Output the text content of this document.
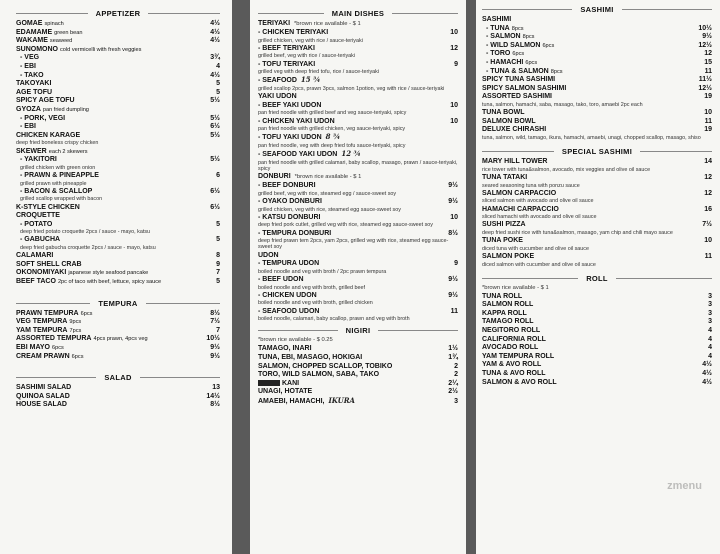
APPETIZER
GOMAE spinach	4½
EDAMAME green bean	4½
WAKAME seaweed	4½
SUNOMONO cold vermicelli with fresh veggies
- VEG	3¾
- EBI	4
- TAKO	4½
TAKOYAKI	5
AGE TOFU	5
SPICY AGE TOFU	5½
GYOZA pan fried dumpling
- PORK, VEGI	5½
- EBI	6½
CHICKEN KARAGE	5½
deep fried boneless crispy chicken
SKEWER each 2 skewers
- YAKITORI	5½
grilled chicken with green onion
- PRAWN & PINEAPPLE	6
grilled prawn with pineapple
- BACON & SCALLOP	6½
grilled scallop wrapped with bacon
K-STYLE CHICKEN	6½
CROQUETTE
- POTATO	5
deep fried potato croquette 2pcs / sauce - mayo, katsu
- GABUCHA	5
deep fried gabucha croquette 2pcs / sauce - mayo, katsu
CALAMARI	8
SOFT SHELL CRAB	9
OKONOMIYAKI japanese style seafood pancake	7
BEEF TACO 2pc of taco with beef, lettuce, spicy sauce	5
TEMPURA
PRAWN TEMPURA 6pcs	8½
VEG TEMPURA 9pcs	7½
YAM TEMPURA 7pcs	7
ASSORTED TEMPURA 4pcs prawn, 4pcs veg	10½
EBI MAYO 6pcs	9½
CREAM PRAWN 6pcs	9½
SALAD
SASHIMI SALAD	13
QUINOA SALAD	14½
HOUSE SALAD	8½
MAIN DISHES
TERIYAKI *brown rice available - $ 1
- CHICKEN TERIYAKI	10
grilled chicken, veg with rice / sauce-teriyaki
- BEEF TERIYAKI	12
grilled beef, veg with rice / sauce-teriyaki
- TOFU TERIYAKI	9
grilled veg with deep fried tofu, rice / sauce-teriyaki
- SEAFOOD 15 ¾
grilled scallop 2pcs, prawn 3pcs, salmon 1potion, veg with rice / sauce-teriyaki
YAKI UDON
- BEEF YAKI UDON	10
pan fried noodle with grilled beef and veg sauce-teriyaki, spicy
- CHICKEN YAKI UDON	10
pan fried noodle with grilled chicken, veg sauce-teriyaki, spicy
- TOFU YAKI UDON 8 ¾
pan fried noodle, veg with deep fried tofu sauce-teriyaki, spicy
- SEAFOOD YAKI UDON 12 ¾
pan fried noodle with grilled calamari, baby scallop, masago, prawn / sauce-teriyaki, spicy
DONBURI *brown rice available - $ 1
- BEEF DONBURI	9½
grilled beef, veg with rice, steamed egg / sauce-sweet soy
- OYAKO DONBURI	9½
grilled chicken, veg with rice, steamed egg sauce-sweet soy
- KATSU DONBURI	10
deep fried pork cutlet, grilled veg with rice, steamed egg sauce-sweet soy
- TEMPURA DONBURI	8½
deep fried prawn tem 2pcs, yam 2pcs, grilled veg with rice, steamed egg sauce-sweet soy
UDON
- TEMPURA UDON	9
boiled noodle and veg with broth / 2pc prawn tempura
- BEEF UDON	9½
boiled noodle and veg with broth, grilled beef
- CHICKEN UDON	9½
boiled noodle and veg with broth, grilled chicken
- SEAFOOD UDON	11
boiled noodle, calamari, baby scallop, prawn and veg with broth
NIGIRI
*brown rice available - $ 0.25
TAMAGO, INARI	1½
TUNA, EBI, MASAGO, HOKIGAI	1¾
SALMON, CHOPPED SCALLOP, TOBIKO	2
TORO, WILD SALMON, SABA, TAKO	2
KANI	2¼
UNAGI, HOTATE	2½
AMAEBI, HAMACHI, IKURA	3
SASHIMI
SASHIMI
- TUNA 8pcs	10½
- SALMON 8pcs	9½
- WILD SALMON 6pcs	12½
- TORO 6pcs	12
- HAMACHI 6pcs	15
- TUNA & SALMON 8pcs	11
SPICY TUNA SASHIMI	11½
SPICY SALMON SASHIMI	12½
ASSORTED SASHIMI	19
tuna, salmon, hamachi, saba, masago, tako, toro, amaebi 2pc each
TUNA BOWL	10
SALMON BOWL	11
DELUXE CHIRASHI	19
tuna, salmon, wild, tamago, ikura, hamachi, amaebi, unagi, chopped scallop, masago, shiso
SPECIAL SASHIMI
MARY HILL TOWER	14
rice tower with tuna&salmon, avocado, mix veggies and olive oil sauce
TUNA TATAKI	12
seared seasoning tuna with ponzu sauce
SALMON CARPACCIO	12
sliced salmon with avocado and olive oil sauce
HAMACHI CARPACCIO	16
sliced hamachi with avocado and olive oil sauce
SUSHI PIZZA	7½
deep fried sushi rice with tuna&salmon, masago, yam chip and chili mayo sauce
TUNA POKE	10
diced tuna with cucumber and olive oil sauce
SALMON POKE	11
diced salmon with cucumber and olive oil sauce
ROLL
*brown rice available - $ 1
TUNA ROLL	3
SALMON ROLL	3
KAPPA ROLL	3
TAMAGO ROLL	3
NEGITORO ROLL	4
CALIFORNIA ROLL	4
AVOCADO ROLL	4
YAM TEMPURA ROLL	4
YAM & AVO ROLL	4½
TUNA & AVO ROLL	4½
SALMON & AVO ROLL	4½
zmenu
